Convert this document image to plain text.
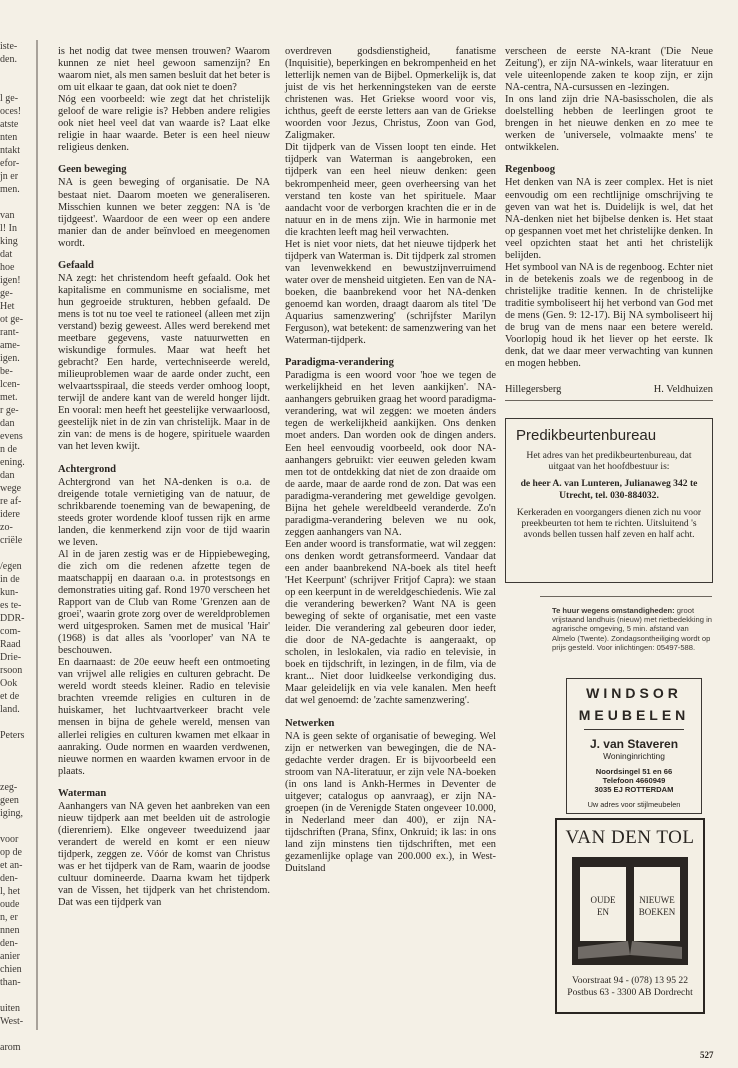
iste-
den.
l ge-
oces!
atste
nten
ntakt
efor-
jn er
men.
van
l! In
king
dat
hoe
igen!
ge-
Het
ot ge-
rant-
ame-
igen.
be-
lcen-
met.
r ge-
dan
evens
n de
ening.
dan
wege
re af-
idere
zo-
criële
/egen
in de
kun-
es te-
DDR-
com-
Raad
Drie-
rsoon
Ook
et de
land.
Peters
zeg-
geen
iging,
voor
op de
et an-
den-
l, het
oude
n, er
nnen
den-
anier
chien
than-
uiten
West-
arom

is het nodig dat twee mensen trouwen? Waarom kunnen ze niet heel gewoon samenzijn? En waarom niet, als men samen besluit dat het beter is om uit elkaar te gaan, dat ook niet te doen?

Nóg een voorbeeld: wie zegt dat het christelijk geloof de ware religie is? Hebben andere religies ook niet heel veel dat van waarde is? Laat elke religie in haar waarde. Beter is een heel nieuw religieus denken.

Geen beweging

NA is geen beweging of organisatie. De NA bestaat niet. Daarom moeten we generaliseren. Misschien kunnen we beter zeggen: NA is 'de tijdgeest'. Waardoor de een weer op een andere manier dan de ander beïnvloed en meegenomen wordt.

Gefaald

NA zegt: het christendom heeft gefaald. Ook het kapitalisme en communisme en socialisme, met hun gegroeide strukturen, hebben gefaald. De mens is tot nu toe veel te rationeel (alleen met zijn verstand) bezig geweest. Alles werd berekend met meetbare gegevens, vaste natuurwetten en wiskundige formules. Maar wat heeft het gebracht? Een harde, vertechniseerde wereld, milieuproblemen waar de aarde onder zucht, een welvaartsspiraal, die steeds verder omhoog loopt, terwijl de andere kant van de wereld honger lijdt. En vooral: men heeft het geestelijke verwaarloosd, geestelijk niet in de zin van christelijk. Maar in de zin van: de mens is de hogere, spirituele waarden van het leven kwijt.

Achtergrond

Achtergrond van het NA-denken is o.a. de dreigende totale vernietiging van de natuur, de schrikbarende toeneming van de bewapening, de steeds groter wordende kloof tussen rijk en arme landen, die kenmerkend zijn voor de tijd waarin we leven.

Al in de jaren zestig was er de Hippiebeweging, die zich om die redenen afzette tegen de maatschappij en daaraan o.a. in protestsongs en demonstraties uiting gaf. Rond 1970 verscheen het Rapport van de Club van Rome 'Grenzen aan de groei', waarin grote zorg over de wereldproblemen werd uitgesproken. Samen met de musical 'Hair' (1968) is dat alles als 'voorloper' van NA te beschouwen.

En daarnaast: de 20e eeuw heeft een ontmoeting van vrijwel alle religies en culturen gebracht. De wereld wordt steeds kleiner. Radio en televisie brachten vreemde religies en culturen in de huiskamer, het luchtvaartverkeer bracht vele mensen in bijna de gehele wereld, mensen van allerlei religies en culturen kwamen met elkaar in aanraking. Oude normen en waarden verdwenen, nieuwe normen en waarden kwamen ervoor in de plaats.

Waterman

Aanhangers van NA geven het aanbreken van een nieuw tijdperk aan met beelden uit de astrologie (dierenriem). Elke ongeveer tweeduizend jaar verandert de wereld en komt er een nieuw tijdperk, zeggen ze. Vóór de komst van Christus was er het tijdperk van de Ram, waarin de joodse cultuur domineerde. Daarna kwam het tijdperk van de Vissen, het tijdperk van het christendom. Dat was een tijdperk van

overdreven godsdienstigheid, fanatisme (Inquisitie), beperkingen en bekrompenheid en het letterlijk nemen van de Bijbel. Opmerkelijk is, dat juist de vis het herkenningsteken van de eerste christenen was. Het Griekse woord voor vis, ichthus, geeft de eerste letters aan van de Griekse woorden voor Jezus, Christus, Zoon van God, Zaligmaker.

Dit tijdperk van de Vissen loopt ten einde. Het tijdperk van Waterman is aangebroken, een tijdperk van een heel nieuw denken: geen bekrompenheid meer, geen overheersing van het verstand ten koste van het spirituele. Maar aandacht voor de verborgen krachten die er in de natuur en in de mens zijn. Wie in harmonie met die krachten leeft mag heil verwachten.

Het is niet voor niets, dat het nieuwe tijdperk het tijdperk van Waterman is. Dit tijdperk zal stromen van levenwekkend en bewustzijnverruimend water over de mensheid uitgieten. Een van de NA-boeken, die baanbrekend voor het NA-denken genoemd kan worden, draagt daarom als titel 'De Aquarius samenzwering' (schrijfster Marilyn Ferguson), wat betekent: de samenzwering van het Waterman-tijdperk.

Paradigma-verandering

Paradigma is een woord voor 'hoe we tegen de werkelijkheid en het leven aankijken'. NA-aanhangers gebruiken graag het woord paradigma-verandering, wat wil zeggen: we moeten ánders tegen de werkelijkheid aankijken. Ons denken moet anders. Dan worden ook de dingen anders. Een heel eenvoudig voorbeeld, ook door NA-aanhangers gebruikt: vier eeuwen geleden kwam men tot de ontdekking dat niet de zon draaide om de aarde, maar de aarde rond de zon. Dat was een paradigma-verandering met geweldige gevolgen. Bijna het gehele wereldbeeld veranderde. Zo'n paradigma-verandering beleven we nu ook, zeggen aanhangers van NA.

Een ander woord is transformatie, wat wil zeggen: ons denken wordt getransformeerd. Vandaar dat een ander baanbrekend NA-boek als titel heeft 'Het Keerpunt' (schrijver Fritjof Capra): we staan op een keerpunt in de wereldgeschiedenis. Wie zal die verandering bewerken? Want NA is geen beweging of sekte of organisatie, met een vaste leider. Die verandering zal gebeuren door ieder, die door de NA-gedachte is aangeraakt, op scholen, in leslokalen, via radio en televisie, in boek en tijdschrift, in lezingen, in de film, via de krant... Niet door luidkeelse verkondiging dus. Maar geleidelijk en via vele kanalen. Men heeft dat wel genoemd: de 'zachte samenzwering'.

Netwerken

NA is geen sekte of organisatie of beweging. Wel zijn er netwerken van bewegingen, die de NA-gedachte verder dragen. Er is bijvoorbeeld een stroom van NA-literatuur, er zijn vele NA-boeken (in ons land is Ankh-Hermes in Deventer de uitgever; catalogus op aanvraag), er zijn NA-groepen (in de Verenigde Staten ongeveer 10.000, in Nederland meer dan 400), er zijn NA-tijdschriften (Prana, Sfinx, Onkruid; ik las: in ons land zijn minstens tien tijdschriften, met een gezamenlijke oplage van 200.000 ex.), in West-Duitsland

verscheen de eerste NA-krant ('Die Neue Zeitung'), er zijn NA-winkels, waar literatuur en vele uiteenlopende zaken te koop zijn, er zijn NA-centra, NA-cursussen en -lezingen.

In ons land zijn drie NA-basisscholen, die als doelstelling hebben de leerlingen groot te brengen in het nieuwe denken en zo mee te werken de 'universele, volmaakte mens' te ontwikkelen.

Regenboog

Het denken van NA is zeer complex. Het is niet eenvoudig om een rechtlijnige omschrijving te geven van wat het is. Duidelijk is wel, dat het NA-denken niet het bijbelse denken is. Het staat op gespannen voet met het christelijke denken. In veel opzichten staat het anti het christelijk belijden.

Het symbool van NA is de regenboog. Echter niet in de betekenis zoals we de regenboog in de christelijke traditie kennen. In de christelijke traditie symboliseert hij het verbond van God met de mens (Gen. 9: 12-17). Bij NA symboliseert hij de brug van de mens naar een betere wereld. Voorlopig houd ik het liever op het eerste. Ik denk, dat we daar meer verwachting van kunnen en mogen hebben.

Hillegersberg	H. Veldhuizen
Predikbeurtenbureau

Het adres van het predikbeurtenbureau, dat uitgaat van het hoofdbestuur is:

de heer A. van Lunteren, Julianaweg 342 te Utrecht, tel. 030-884032.

Kerkeraden en voorgangers dienen zich nu voor preekbeurten tot hem te richten. Uitsluitend 's avonds bellen tussen half zeven en half acht.

Te huur wegens omstandigheden: groot vrijstaand landhuis (nieuw) met rietbedekking in agrarische omgeving, 5 min. afstand van Almelo (Twente). Zondagsontheiliging wordt op prijs gesteld. Voor inlichtingen: 05497-588.
WINDSOR
MEUBELEN
J. van Staveren
Woninginrichting
Noordsingel 51 en 66
Telefoon 4660949
3035 EJ ROTTERDAM
Uw adres voor stijlmeubelen
VAN DEN TOL
OUDE
EN
NIEUWE
BOEKEN
Voorstraat 94 - (078) 13 95 22
Postbus 63 - 3300 AB Dordrecht
527
